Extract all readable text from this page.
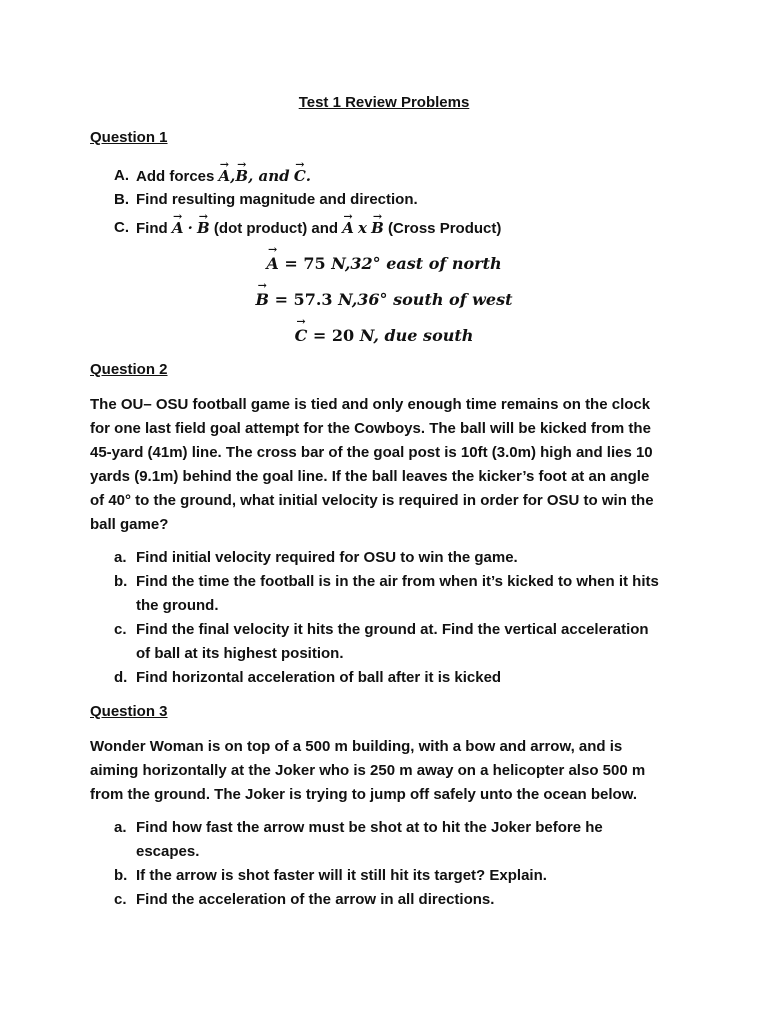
Test 1 Review Problems
Question 1
A. Add forces → A,→ B, and → C.
B. Find resulting magnitude and direction.
C. Find → A · → B (dot product) and → A x → B (Cross Product)
→ A = 75 N,32° east of north
→ B = 57.3 N,36° south of west
→ C = 20 N, due south
Question 2
The OU– OSU football game is tied and only enough time remains on the clock
for one last field goal attempt for the Cowboys. The ball will be kicked from the
45-yard (41m) line. The cross bar of the goal post is 10ft (3.0m) high and lies 10
yards (9.1m) behind the goal line. If the ball leaves the kicker’s foot at an angle
of 40° to the ground, what initial velocity is required in order for OSU to win the
ball game?
a. Find initial velocity required for OSU to win the game.
b. Find the time the football is in the air from when it’s kicked to when it hits
the ground.
c. Find the final velocity it hits the ground at. Find the vertical acceleration
of ball at its highest position.
d. Find horizontal acceleration of ball after it is kicked
Question 3
Wonder Woman is on top of a 500 m building, with a bow and arrow, and is
aiming horizontally at the Joker who is 250 m away on a helicopter also 500 m
from the ground. The Joker is trying to jump off safely unto the ocean below.
a. Find how fast the arrow must be shot at to hit the Joker before he
escapes.
b. If the arrow is shot faster will it still hit its target? Explain.
c. Find the acceleration of the arrow in all directions.
